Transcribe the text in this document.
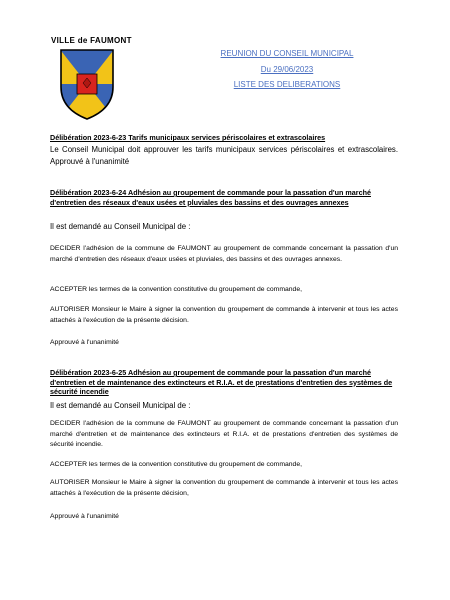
VILLE de FAUMONT
REUNION DU CONSEIL MUNICIPAL
Du 29/06/2023
LISTE DES DELIBERATIONS
Délibération 2023-6-23 Tarifs municipaux services périscolaires et extrascolaires
Le Conseil Municipal doit approuver les tarifs municipaux services périscolaires et extrascolaires. Approuvé à l'unanimité
Délibération 2023-6-24 Adhésion au groupement de commande pour la passation d'un marché d'entretien des réseaux d'eaux usées et pluviales des bassins et des ouvrages annexes
Il est demandé au Conseil Municipal de :
DECIDER l'adhésion de la commune de FAUMONT au groupement de commande concernant la passation d'un marché d'entretien des réseaux d'eaux usées et pluviales, des bassins et des ouvrages annexes.
ACCEPTER les termes de la convention constitutive du groupement de commande,
AUTORISER Monsieur le Maire à signer la convention du groupement de commande à intervenir et tous les actes attachés à l'exécution de la présente décision.
Approuvé à l'unanimité
Délibération 2023-6-25 Adhésion au groupement de commande pour la passation d'un marché d'entretien et de maintenance des extincteurs et R.I.A. et de prestations d'entretien des systèmes de sécurité incendie
Il est demandé au Conseil Municipal de :
DECIDER l'adhésion de la commune de FAUMONT au groupement de commande concernant la passation d'un marché d'entretien et de maintenance des extincteurs et R.I.A. et de prestations d'entretien des systèmes de sécurité incendie.
ACCEPTER les termes de la convention constitutive du groupement de commande,
AUTORISER Monsieur le Maire à signer la convention du groupement de commande à intervenir et tous les actes attachés à l'exécution de la présente décision,
Approuvé à l'unanimité
